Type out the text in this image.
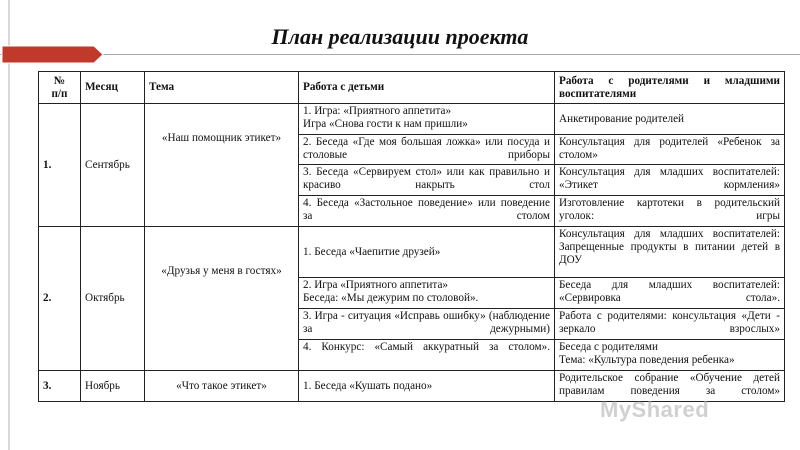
План реализации проекта
№
п/п	Месяц	Тема	Работа с детьми	Работа с родителями и младшими воспитателями
1.	Сентябрь	«Наш помощник этикет»	1. Игра: «Приятного аппетита»
Игра «Снова гости к нам пришли»	Анкетирование родителей
			2. Беседа «Где моя большая ложка» или посуда и столовые приборы	Консультация для родителей «Ребенок за столом»
			3. Беседа «Сервируем стол» или как правильно и красиво накрыть стол	Консультация для младших воспитателей: «Этикет кормления»
			4. Беседа «Застольное поведение» или поведение за столом	Изготовление картотеки в родительский уголок: игры
2.	Октябрь	«Друзья у меня в гостях»	1. Беседа «Чаепитие друзей»	Консультация для младших воспитателей: Запрещенные продукты в питании детей в ДОУ

			2. Игра «Приятного аппетита»
Беседа: «Мы дежурим по столовой».	Беседа для младших воспитателей: «Сервировка стола».
			3. Игра - ситуация «Исправь ошибку» (наблюдение за дежурными)	Работа с родителями: консультация «Дети - зеркало взрослых»
			4. Конкурс: «Самый аккуратный за столом».	Беседа с родителями
Тема: «Культура поведения ребенка»

3.	Ноябрь	«Что такое этикет»	1. Беседа «Кушать подано»	Родительское собрание «Обучение детей правилам поведения за столом»
MyShared
